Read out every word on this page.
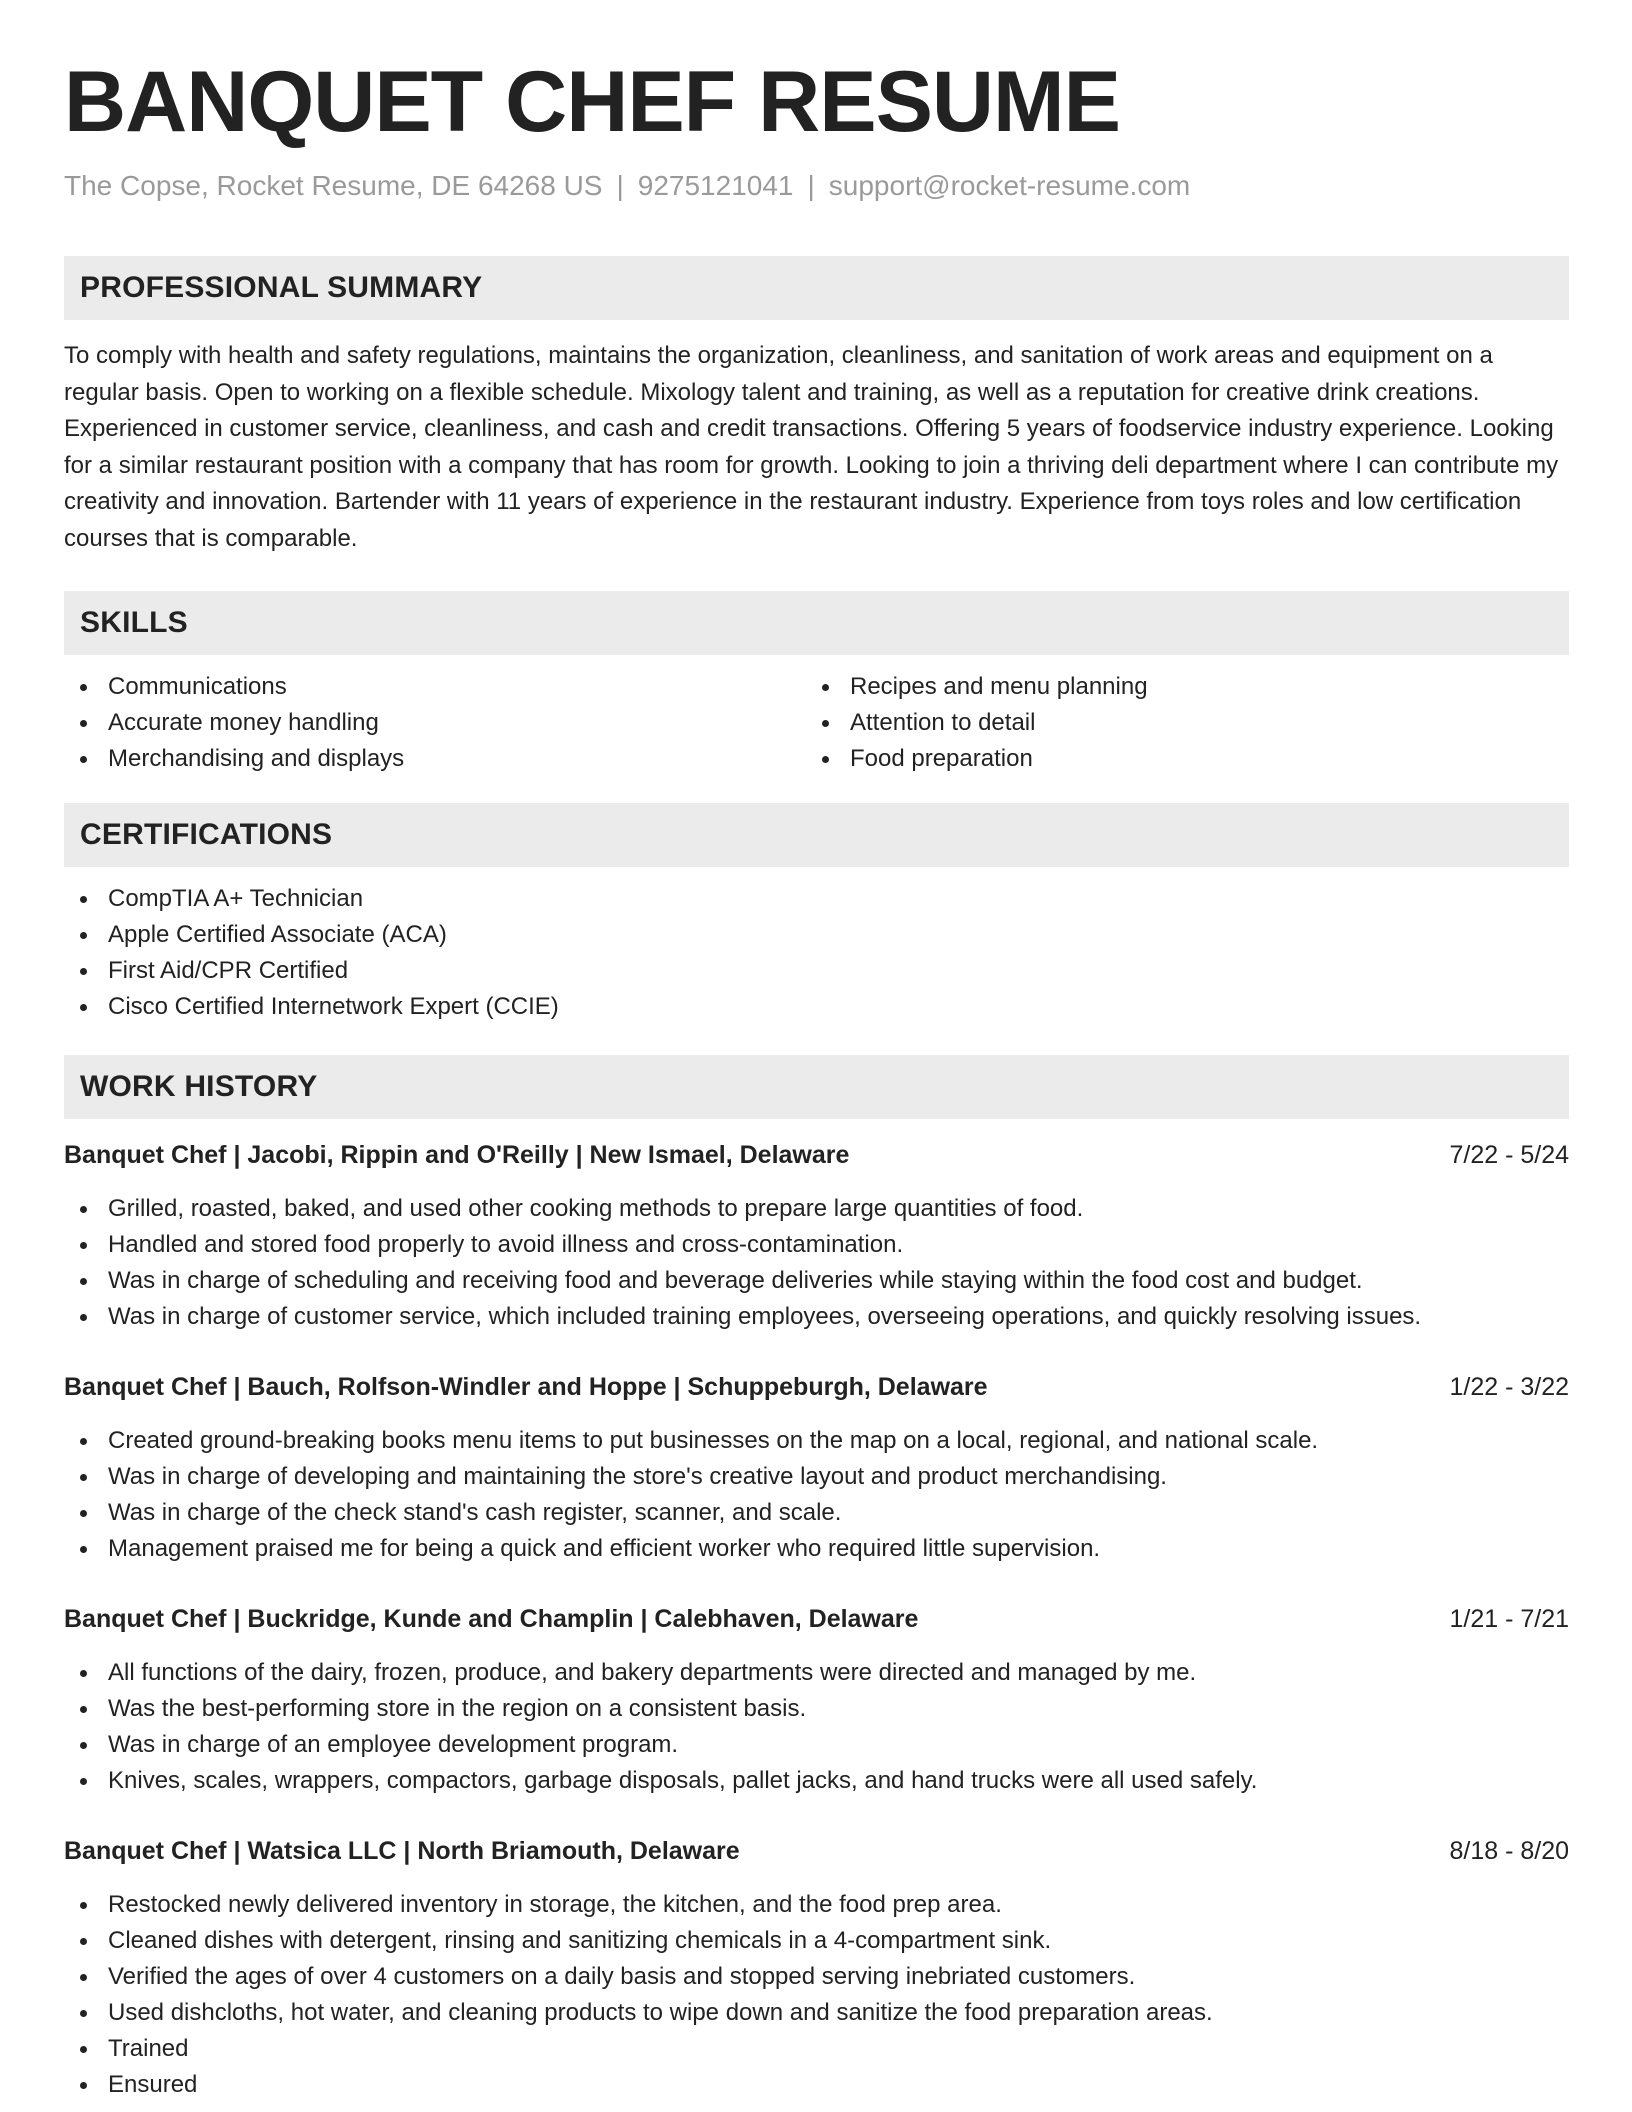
BANQUET CHEF RESUME
The Copse, Rocket Resume, DE 64268 US | 9275121041 | support@rocket-resume.com
PROFESSIONAL SUMMARY

To comply with health and safety regulations, maintains the organization, cleanliness, and sanitation of work areas and equipment on a regular basis. Open to working on a flexible schedule. Mixology talent and training, as well as a reputation for creative drink creations. Experienced in customer service, cleanliness, and cash and credit transactions. Offering 5 years of foodservice industry experience. Looking for a similar restaurant position with a company that has room for growth. Looking to join a thriving deli department where I can contribute my creativity and innovation. Bartender with 11 years of experience in the restaurant industry. Experience from toys roles and low certification courses that is comparable.

SKILLS
Communications
Accurate money handling
Merchandising and displays
Recipes and menu planning
Attention to detail
Food preparation
CERTIFICATIONS
CompTIA A+ Technician
Apple Certified Associate (ACA)
First Aid/CPR Certified
Cisco Certified Internetwork Expert (CCIE)
WORK HISTORY
Banquet Chef | Jacobi, Rippin and O'Reilly | New Ismael, Delaware	7/22 - 5/24
Grilled, roasted, baked, and used other cooking methods to prepare large quantities of food.
Handled and stored food properly to avoid illness and cross-contamination.
Was in charge of scheduling and receiving food and beverage deliveries while staying within the food cost and budget.
Was in charge of customer service, which included training employees, overseeing operations, and quickly resolving issues.
Banquet Chef | Bauch, Rolfson-Windler and Hoppe | Schuppeburgh, Delaware	1/22 - 3/22
Created ground-breaking books menu items to put businesses on the map on a local, regional, and national scale.
Was in charge of developing and maintaining the store's creative layout and product merchandising.
Was in charge of the check stand's cash register, scanner, and scale.
Management praised me for being a quick and efficient worker who required little supervision.
Banquet Chef | Buckridge, Kunde and Champlin | Calebhaven, Delaware	1/21 - 7/21
All functions of the dairy, frozen, produce, and bakery departments were directed and managed by me.
Was the best-performing store in the region on a consistent basis.
Was in charge of an employee development program.
Knives, scales, wrappers, compactors, garbage disposals, pallet jacks, and hand trucks were all used safely.
Banquet Chef | Watsica LLC | North Briamouth, Delaware	8/18 - 8/20
Restocked newly delivered inventory in storage, the kitchen, and the food prep area.
Cleaned dishes with detergent, rinsing and sanitizing chemicals in a 4-compartment sink.
Verified the ages of over 4 customers on a daily basis and stopped serving inebriated customers.
Used dishcloths, hot water, and cleaning products to wipe down and sanitize the food preparation areas.
Trained
Ensured
